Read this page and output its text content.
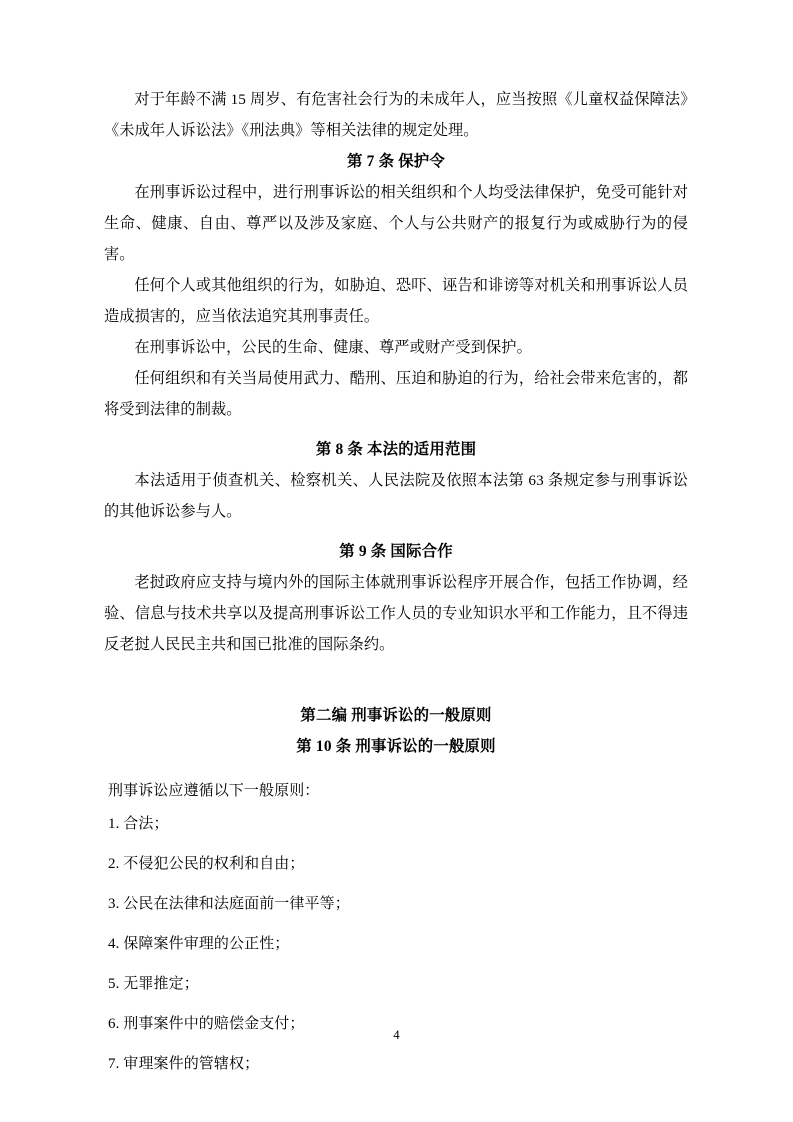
对于年龄不满 15 周岁、有危害社会行为的未成年人，应当按照《儿童权益保障法》《未成年人诉讼法》《刑法典》等相关法律的规定处理。

第 7 条 保护令

在刑事诉讼过程中，进行刑事诉讼的相关组织和个人均受法律保护，免受可能针对生命、健康、自由、尊严以及涉及家庭、个人与公共财产的报复行为或威胁行为的侵害。

任何个人或其他组织的行为，如胁迫、恐吓、诬告和诽谤等对机关和刑事诉讼人员造成损害的，应当依法追究其刑事责任。

在刑事诉讼中，公民的生命、健康、尊严或财产受到保护。

任何组织和有关当局使用武力、酷刑、压迫和胁迫的行为，给社会带来危害的，都将受到法律的制裁。

第 8 条 本法的适用范围

本法适用于侦查机关、检察机关、人民法院及依照本法第 63 条规定参与刑事诉讼的其他诉讼参与人。

第 9 条 国际合作

老挝政府应支持与境内外的国际主体就刑事诉讼程序开展合作，包括工作协调，经验、信息与技术共享以及提高刑事诉讼工作人员的专业知识水平和工作能力，且不得违反老挝人民民主共和国已批准的国际条约。

第二编 刑事诉讼的一般原则
第 10 条 刑事诉讼的一般原则

刑事诉讼应遵循以下一般原则：

1. 合法；

2. 不侵犯公民的权利和自由；

3. 公民在法律和法庭面前一律平等；

4. 保障案件审理的公正性；

5. 无罪推定；

6. 刑事案件中的赔偿金支付；

7. 审理案件的管辖权；

4
